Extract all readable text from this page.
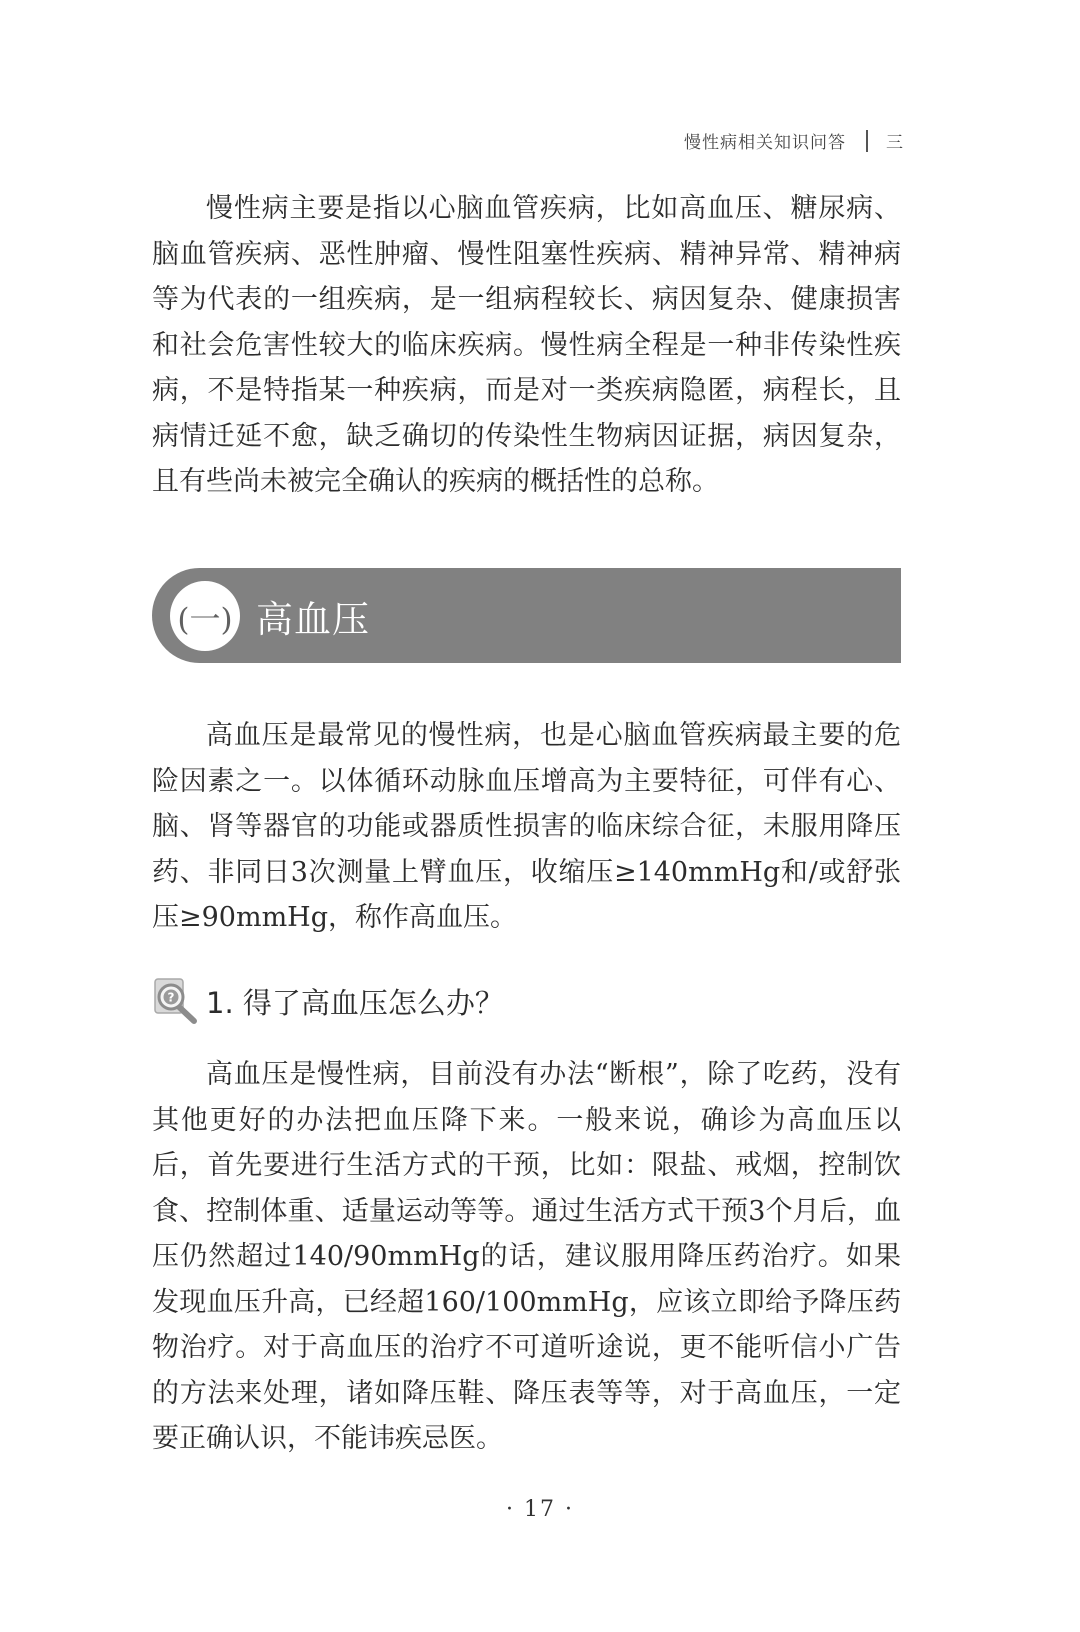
慢性病相关知识问答 三

慢性病主要是指以心脑血管疾病，比如高血压、糖尿病、脑血管疾病、恶性肿瘤、慢性阻塞性疾病、精神异常、精神病等为代表的一组疾病，是一组病程较长、病因复杂、健康损害和社会危害性较大的临床疾病。慢性病全程是一种非传染性疾病，不是特指某一种疾病，而是对一类疾病隐匿，病程长，且病情迁延不愈，缺乏确切的传染性生物病因证据，病因复杂，且有些尚未被完全确认的疾病的概括性的总称。

(一) 高血压

高血压是最常见的慢性病，也是心脑血管疾病最主要的危险因素之一。以体循环动脉血压增高为主要特征，可伴有心、脑、肾等器官的功能或器质性损害的临床综合征，未服用降压药、非同日3次测量上臂血压，收缩压≥140mmHg和/或舒张压≥90mmHg，称作高血压。

? 1. 得了高血压怎么办？

高血压是慢性病，目前没有办法“断根”，除了吃药，没有其他更好的办法把血压降下来。一般来说，确诊为高血压以后，首先要进行生活方式的干预，比如：限盐、戒烟，控制饮食、控制体重、适量运动等等。通过生活方式干预3个月后，血压仍然超过140/90mmHg的话，建议服用降压药治疗。如果发现血压升高，已经超160/100mmHg，应该立即给予降压药物治疗。对于高血压的治疗不可道听途说，更不能听信小广告的方法来处理，诸如降压鞋、降压表等等，对于高血压，一定要正确认识，不能讳疾忌医。

· 17 ·
